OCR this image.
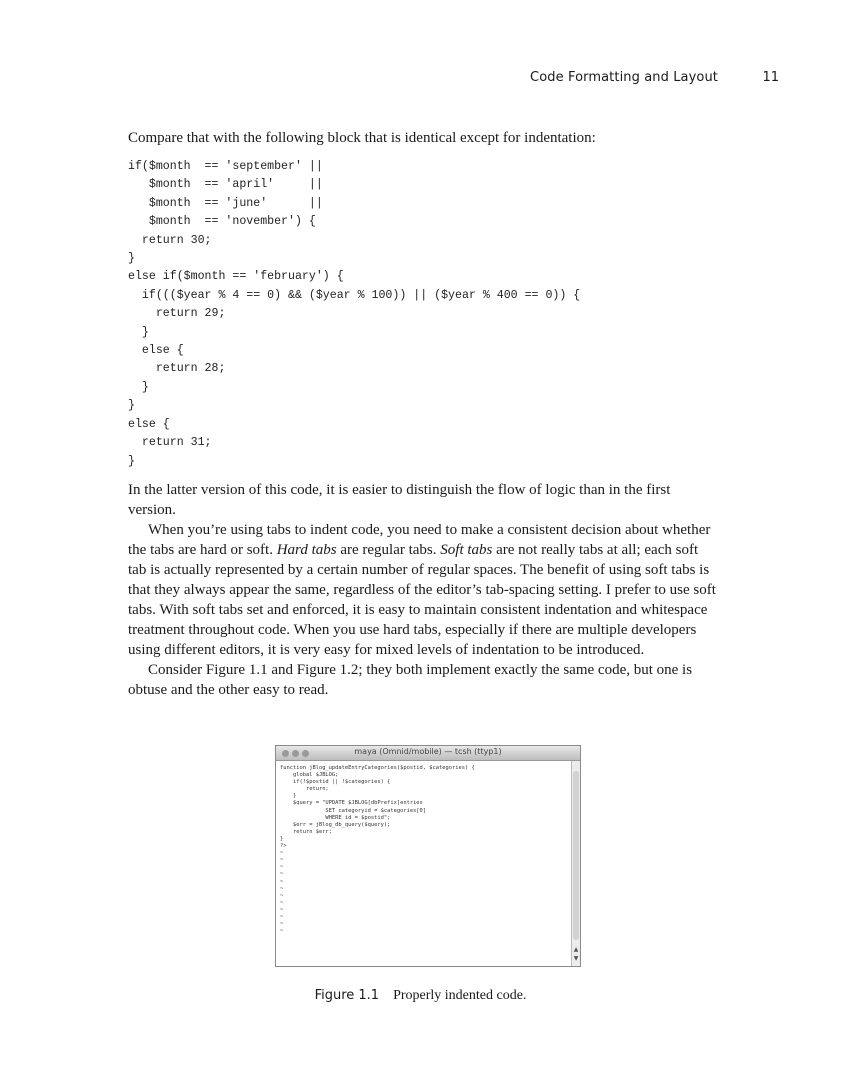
Code Formatting and Layout	11
Compare that with the following block that is identical except for indentation:
if($month  == 'september' ||
$month  == 'april'     ||
$month  == 'june'      ||
$month  == 'november') {
return 30;
}
else if($month == 'february') {
if((($year % 4 == 0) && ($year % 100)) || ($year % 400 == 0)) {
return 29;
}
else {
return 28;
}
}
else {
return 31;
}

In the latter version of this code, it is easier to distinguish the flow of logic than in the first version.

When you’re using tabs to indent code, you need to make a consistent decision about whether the tabs are hard or soft. Hard tabs are regular tabs. Soft tabs are not really tabs at all; each soft tab is actually represented by a certain number of regular spaces. The benefit of using soft tabs is that they always appear the same, regardless of the editor’s tab-spacing setting. I prefer to use soft tabs. With soft tabs set and enforced, it is easy to maintain consistent indentation and whitespace treatment throughout code. When you use hard tabs, especially if there are multiple developers using different editors, it is very easy for mixed levels of indentation to be introduced.

Consider Figure 1.1 and Figure 1.2; they both implement exactly the same code, but one is obtuse and the other easy to read.

maya (Omnid/mobile) — tcsh (ttyp1)
function jBlog_updateEntryCategories($postid, $categories) {
global $JBLOG;
if(!$postid || !$categories) {
return;
}
$query = "UPDATE $JBLOG[dbPrefix]entries
SET categoryid = $categories[0]
WHERE id = $postid";
$err = jBlog_db_query($query);
return $err;
}
?>
~
~
~
~
~
~
~
~
~
~
~
~
▲
▼
Figure 1.1 Properly indented code.
